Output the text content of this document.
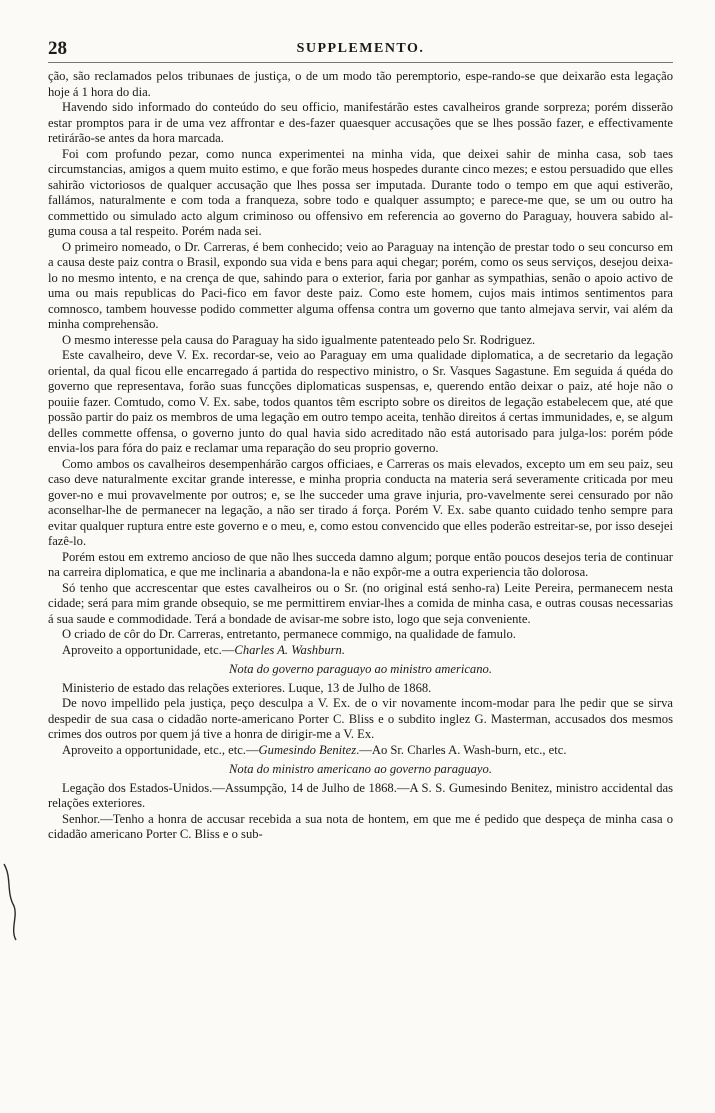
28	SUPPLEMENTO.

ção, são reclamados pelos tribunaes de justiça, o de um modo tão peremptorio, espe-rando-se que deixarão esta legação hoje á 1 hora do dia.

Havendo sido informado do conteúdo do seu officio, manifestárão estes cavalheiros grande sorpreza; porém disserão estar promptos para ir de uma vez affrontar e des-fazer quaesquer accusações que se lhes possão fazer, e effectivamente retirárão-se antes da hora marcada.

Foi com profundo pezar, como nunca experimentei na minha vida, que deixei sahir de minha casa, sob taes circumstancias, amigos a quem muito estimo, e que forão meus hospedes durante cinco mezes; e estou persuadido que elles sahirão victoriosos de qualquer accusação que lhes possa ser imputada. Durante todo o tempo em que aqui estiverão, fallámos, naturalmente e com toda a franqueza, sobre todo e qualquer assumpto; e parece-me que, se um ou outro ha commettido ou simulado acto algum criminoso ou offensivo em referencia ao governo do Paraguay, houvera sabido al-guma cousa a tal respeito. Porém nada sei.

O primeiro nomeado, o Dr. Carreras, é bem conhecido; veio ao Paraguay na intenção de prestar todo o seu concurso em a causa deste paiz contra o Brasil, expondo sua vida e bens para aqui chegar; porém, como os seus serviços, desejou deixa-lo no mesmo intento, e na crença de que, sahindo para o exterior, faria por ganhar as sympathias, senão o apoio activo de uma ou mais republicas do Paci-fico em favor deste paiz. Como este homem, cujos mais intimos sentimentos para comnosco, tambem houvesse podido commetter alguma offensa contra um governo que tanto almejava servir, vai além da minha comprehensão.

O mesmo interesse pela causa do Paraguay ha sido igualmente patenteado pelo Sr. Rodriguez.

Este cavalheiro, deve V. Ex. recordar-se, veio ao Paraguay em uma qualidade diplomatica, a de secretario da legação oriental, da qual ficou elle encarregado á partida do respectivo ministro, o Sr. Vasques Sagastune. Em seguida á quéda do governo que representava, forão suas funcções diplomaticas suspensas, e, querendo então deixar o paiz, até hoje não o pouiie fazer. Comtudo, como V. Ex. sabe, todos quantos têm escripto sobre os direitos de legação estabelecem que, até que possão partir do paiz os membros de uma legação em outro tempo aceita, tenhão direitos á certas immunidades, e, se algum delles commette offensa, o governo junto do qual havia sido acreditado não está autorisado para julga-los: porém póde envia-los para fóra do paiz e reclamar uma reparação do seu proprio governo.

Como ambos os cavalheiros desempenhárão cargos officiaes, e Carreras os mais elevados, excepto um em seu paiz, seu caso deve naturalmente excitar grande interesse, e minha propria conducta na materia será severamente criticada por meu gover-no e mui provavelmente por outros; e, se lhe succeder uma grave injuria, pro-vavelmente serei censurado por não aconselhar-lhe de permanecer na legação, a não ser tirado á força. Porém V. Ex. sabe quanto cuidado tenho sempre para evitar qualquer ruptura entre este governo e o meu, e, como estou convencido que elles poderão estreitar-se, por isso desejei fazê-lo.

Porém estou em extremo ancioso de que não lhes succeda damno algum; porque então poucos desejos teria de continuar na carreira diplomatica, e que me inclinaria a abandona-la e não expôr-me a outra experiencia tão dolorosa.

Só tenho que accrescentar que estes cavalheiros ou o Sr. (no original está senho-ra) Leite Pereira, permanecem nesta cidade; será para mim grande obsequio, se me permittirem enviar-lhes a comida de minha casa, e outras cousas necessarias á sua saude e commodidade. Terá a bondade de avisar-me sobre isto, logo que seja conveniente.

O criado de côr do Dr. Carreras, entretanto, permanece commigo, na qualidade de famulo.

Aproveito a opportunidade, etc.—Charles A. Washburn.

Nota do governo paraguayo ao ministro americano.

Ministerio de estado das relações exteriores. Luque, 13 de Julho de 1868.

De novo impellido pela justiça, peço desculpa a V. Ex. de o vir novamente incom-modar para lhe pedir que se sirva despedir de sua casa o cidadão norte-americano Porter C. Bliss e o subdito inglez G. Masterman, accusados dos mesmos crimes dos outros por quem já tive a honra de dirigir-me a V. Ex.

Aproveito a opportunidade, etc., etc.—Gumesindo Benitez.—Ao Sr. Charles A. Wash-burn, etc., etc.

Nota do ministro americano ao governo paraguayo.

Legação dos Estados-Unidos.—Assumpção, 14 de Julho de 1868.—A S. S. Gumesindo Benitez, ministro accidental das relações exteriores.

Senhor.—Tenho a honra de accusar recebida a sua nota de hontem, em que me é pedido que despeça de minha casa o cidadão americano Porter C. Bliss e o sub-
